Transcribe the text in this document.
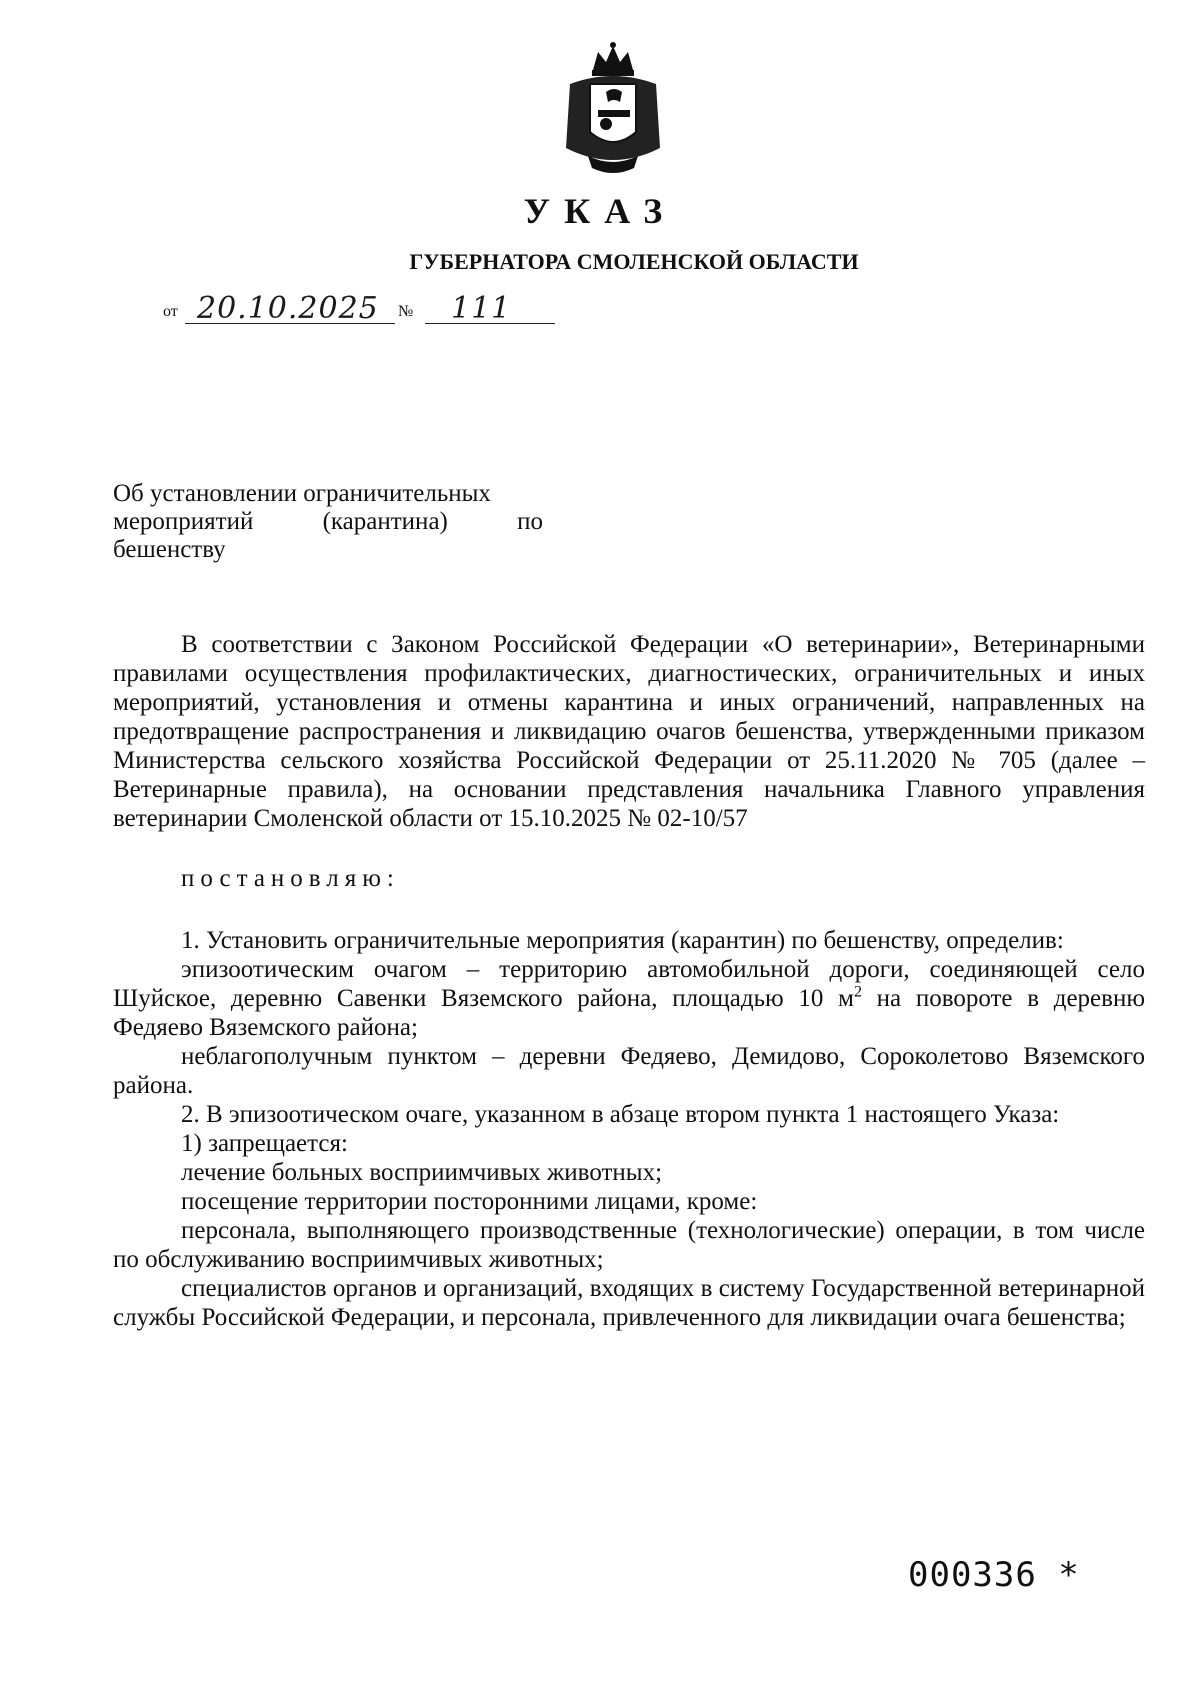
УКАЗ
ГУБЕРНАТОРА СМОЛЕНСКОЙ ОБЛАСТИ
от 20.10.2025 № 111
Об установлении ограничительных
мероприятий	(карантина)	по
бешенству

В соответствии с Законом Российской Федерации «О ветеринарии», Ветеринарными правилами осуществления профилактических, диагностических, ограничительных и иных мероприятий, установления и отмены карантина и иных ограничений, направленных на предотвращение распространения и ликвидацию очагов бешенства, утвержденными приказом Министерства сельского хозяйства Российской Федерации от 25.11.2020 № 705 (далее – Ветеринарные правила), на основании представления начальника Главного управления ветеринарии Смоленской области от 15.10.2025 № 02-10/57

постановляю:

1. Установить ограничительные мероприятия (карантин) по бешенству, определив:

эпизоотическим очагом – территорию автомобильной дороги, соединяющей село Шуйское, деревню Савенки Вяземского района, площадью 10 $м^2$ на повороте в деревню Федяево Вяземского района;

неблагополучным пунктом – деревни Федяево, Демидово, Сороколетово Вяземского района.

2. В эпизоотическом очаге, указанном в абзаце втором пункта 1 настоящего Указа:

1) запрещается:

лечение больных восприимчивых животных;

посещение территории посторонними лицами, кроме:

персонала, выполняющего производственные (технологические) операции, в том числе по обслуживанию восприимчивых животных;

специалистов органов и организаций, входящих в систему Государственной ветеринарной службы Российской Федерации, и персонала, привлеченного для ликвидации очага бешенства;

000336 *
